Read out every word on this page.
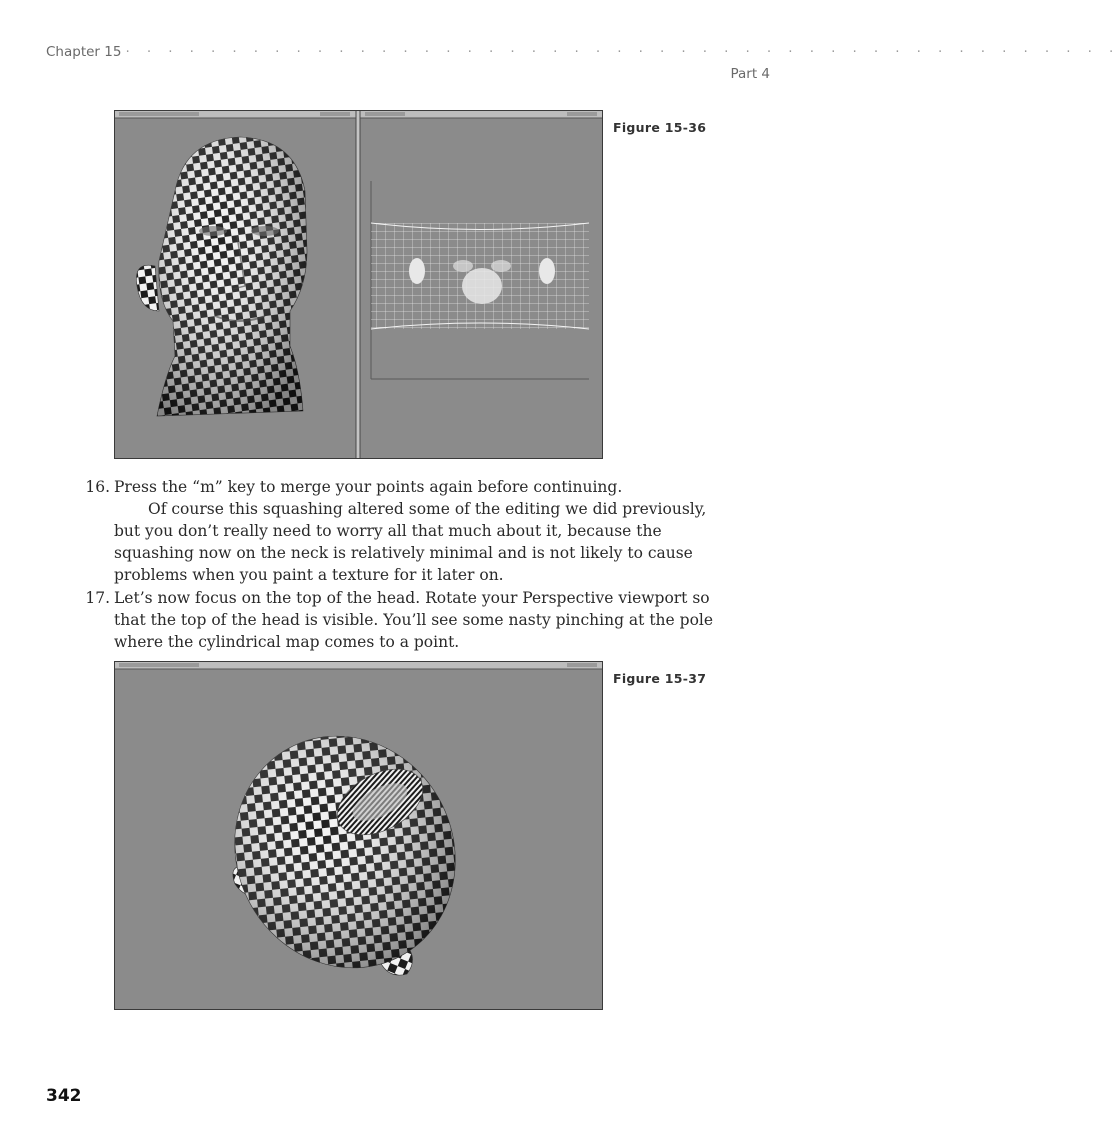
Chapter 15 · · · · · · · · · · · · · · · · · · · · · · · · · · · · · · · · · · · · · · · · · · · · · · ·
Part 4
Figure 15-36
16. Press the “m” key to merge your points again before continuing.
Of course this squashing altered some of the editing we did previously, but you don’t really need to worry all that much about it, because the squashing now on the neck is relatively minimal and is not likely to cause problems when you paint a texture for it later on.
17. Let’s now focus on the top of the head. Rotate your Perspective viewport so that the top of the head is visible. You’ll see some nasty pinching at the pole where the cylindrical map comes to a point.
Figure 15-37
342
